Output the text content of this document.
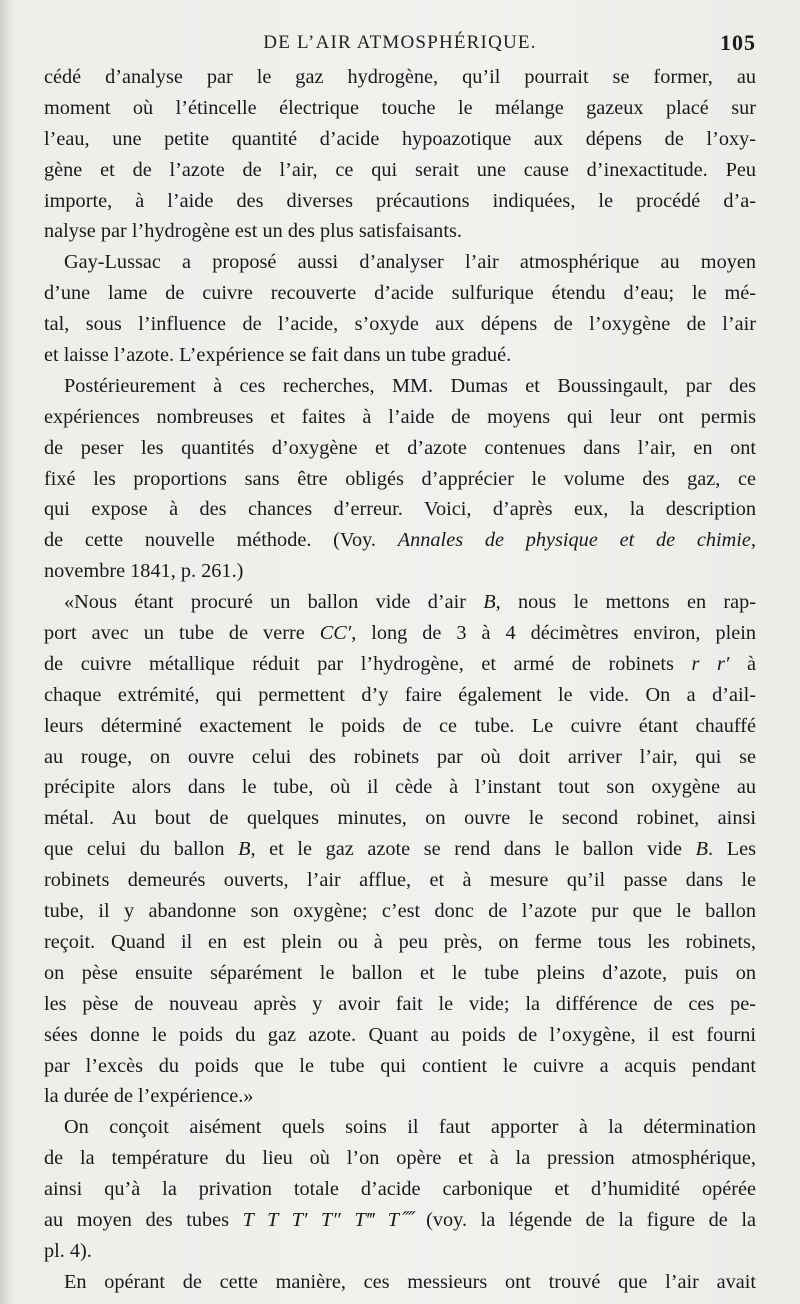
DE L’AIR ATMOSPHÉRIQUE.	105
cédé d’analyse par le gaz hydrogène, qu’il pourrait se former, au
moment où l’étincelle électrique touche le mélange gazeux placé sur
l’eau, une petite quantité d’acide hypoazotique aux dépens de l’oxy-
gène et de l’azote de l’air, ce qui serait une cause d’inexactitude. Peu
importe, à l’aide des diverses précautions indiquées, le procédé d’a-
nalyse par l’hydrogène est un des plus satisfaisants.
Gay-Lussac a proposé aussi d’analyser l’air atmosphérique au moyen
d’une lame de cuivre recouverte d’acide sulfurique étendu d’eau; le mé-
tal, sous l’influence de l’acide, s’oxyde aux dépens de l’oxygène de l’air
et laisse l’azote. L’expérience se fait dans un tube gradué.
Postérieurement à ces recherches, MM. Dumas et Boussingault, par des
expériences nombreuses et faites à l’aide de moyens qui leur ont permis
de peser les quantités d’oxygène et d’azote contenues dans l’air, en ont
fixé les proportions sans être obligés d’apprécier le volume des gaz, ce
qui expose à des chances d’erreur. Voici, d’après eux, la description
de cette nouvelle méthode. (Voy. Annales de physique et de chimie,
novembre 1841, p. 261.)
«Nous étant procuré un ballon vide d’air B, nous le mettons en rap-
port avec un tube de verre CC′, long de 3 à 4 décimètres environ, plein
de cuivre métallique réduit par l’hydrogène, et armé de robinets r r′ à
chaque extrémité, qui permettent d’y faire également le vide. On a d’ail-
leurs déterminé exactement le poids de ce tube. Le cuivre étant chauffé
au rouge, on ouvre celui des robinets par où doit arriver l’air, qui se
précipite alors dans le tube, où il cède à l’instant tout son oxygène au
métal. Au bout de quelques minutes, on ouvre le second robinet, ainsi
que celui du ballon B, et le gaz azote se rend dans le ballon vide B. Les
robinets demeurés ouverts, l’air afflue, et à mesure qu’il passe dans le
tube, il y abandonne son oxygène; c’est donc de l’azote pur que le ballon
reçoit. Quand il en est plein ou à peu près, on ferme tous les robinets,
on pèse ensuite séparément le ballon et le tube pleins d’azote, puis on
les pèse de nouveau après y avoir fait le vide; la différence de ces pe-
sées donne le poids du gaz azote. Quant au poids de l’oxygène, il est fourni
par l’excès du poids que le tube qui contient le cuivre a acquis pendant
la durée de l’expérience.»
On conçoit aisément quels soins il faut apporter à la détermination
de la température du lieu où l’on opère et à la pression atmosphérique,
ainsi qu’à la privation totale d’acide carbonique et d’humidité opérée
au moyen des tubes T T T′ T″ T‴ T⁗ (voy. la légende de la figure de la
pl. 4).
En opérant de cette manière, ces messieurs ont trouvé que l’air avait
